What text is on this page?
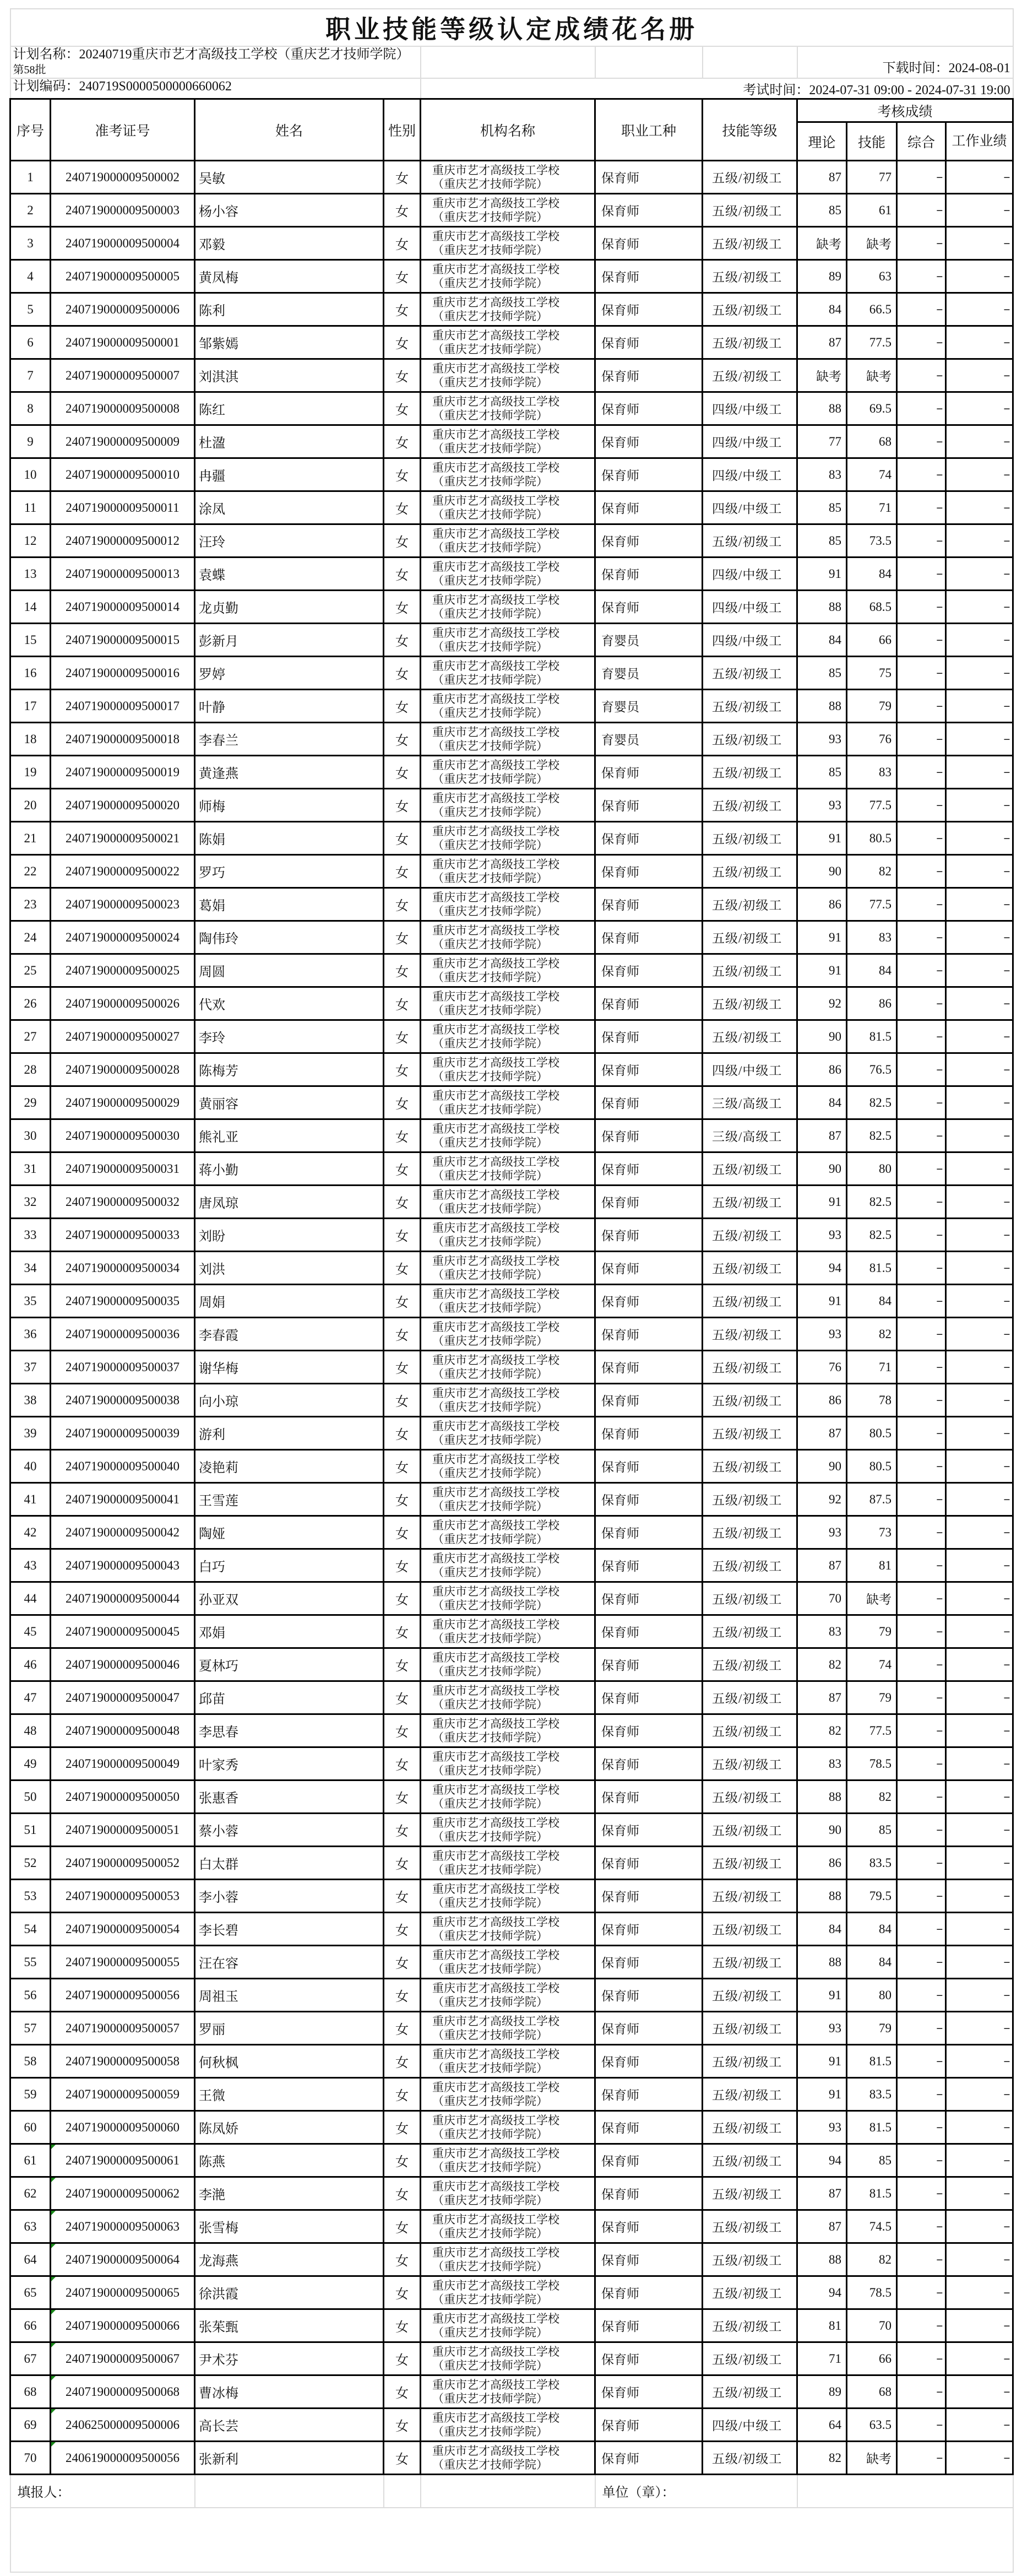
职业技能等级认定成绩花名册										
计划名称：20240719重庆市艺才高级技工学校（重庆艺才技师学院）
第58批							下载时间：2024-08-01			
计划编码：240719S0000500000660062				考试时间：2024-07-31 09:00 - 2024-07-31 19:00						
序号	准考证号	姓名	性别	机构名称	职业工种	技能等级	考核成绩			
							理论	技能	综合	工作业绩
1	240719000009500002	吴敏	女	重庆市艺才高级技工学校（重庆艺才技师学院）	保育师	五级/初级工	87	77	--	--
2	240719000009500003	杨小容	女	重庆市艺才高级技工学校（重庆艺才技师学院）	保育师	五级/初级工	85	61	--	--
3	240719000009500004	邓毅	女	重庆市艺才高级技工学校（重庆艺才技师学院）	保育师	五级/初级工	缺考	缺考	--	--
4	240719000009500005	黄凤梅	女	重庆市艺才高级技工学校（重庆艺才技师学院）	保育师	五级/初级工	89	63	--	--
5	240719000009500006	陈利	女	重庆市艺才高级技工学校（重庆艺才技师学院）	保育师	五级/初级工	84	66.5	--	--
6	240719000009500001	邹紫嫣	女	重庆市艺才高级技工学校（重庆艺才技师学院）	保育师	五级/初级工	87	77.5	--	--
7	240719000009500007	刘淇淇	女	重庆市艺才高级技工学校（重庆艺才技师学院）	保育师	五级/初级工	缺考	缺考	--	--
8	240719000009500008	陈红	女	重庆市艺才高级技工学校（重庆艺才技师学院）	保育师	四级/中级工	88	69.5	--	--
9	240719000009500009	杜溋	女	重庆市艺才高级技工学校（重庆艺才技师学院）	保育师	四级/中级工	77	68	--	--
10	240719000009500010	冉疆	女	重庆市艺才高级技工学校（重庆艺才技师学院）	保育师	四级/中级工	83	74	--	--
11	240719000009500011	涂凤	女	重庆市艺才高级技工学校（重庆艺才技师学院）	保育师	四级/中级工	85	71	--	--
12	240719000009500012	汪玲	女	重庆市艺才高级技工学校（重庆艺才技师学院）	保育师	五级/初级工	85	73.5	--	--
13	240719000009500013	袁蝶	女	重庆市艺才高级技工学校（重庆艺才技师学院）	保育师	四级/中级工	91	84	--	--
14	240719000009500014	龙贞勤	女	重庆市艺才高级技工学校（重庆艺才技师学院）	保育师	四级/中级工	88	68.5	--	--
15	240719000009500015	彭新月	女	重庆市艺才高级技工学校（重庆艺才技师学院）	育婴员	四级/中级工	84	66	--	--
16	240719000009500016	罗婷	女	重庆市艺才高级技工学校（重庆艺才技师学院）	育婴员	五级/初级工	85	75	--	--
17	240719000009500017	叶静	女	重庆市艺才高级技工学校（重庆艺才技师学院）	育婴员	五级/初级工	88	79	--	--
18	240719000009500018	李春兰	女	重庆市艺才高级技工学校（重庆艺才技师学院）	育婴员	五级/初级工	93	76	--	--
19	240719000009500019	黄逢燕	女	重庆市艺才高级技工学校（重庆艺才技师学院）	保育师	五级/初级工	85	83	--	--
20	240719000009500020	师梅	女	重庆市艺才高级技工学校（重庆艺才技师学院）	保育师	五级/初级工	93	77.5	--	--
21	240719000009500021	陈娟	女	重庆市艺才高级技工学校（重庆艺才技师学院）	保育师	五级/初级工	91	80.5	--	--
22	240719000009500022	罗巧	女	重庆市艺才高级技工学校（重庆艺才技师学院）	保育师	五级/初级工	90	82	--	--
23	240719000009500023	葛娟	女	重庆市艺才高级技工学校（重庆艺才技师学院）	保育师	五级/初级工	86	77.5	--	--
24	240719000009500024	陶伟玲	女	重庆市艺才高级技工学校（重庆艺才技师学院）	保育师	五级/初级工	91	83	--	--
25	240719000009500025	周圆	女	重庆市艺才高级技工学校（重庆艺才技师学院）	保育师	五级/初级工	91	84	--	--
26	240719000009500026	代欢	女	重庆市艺才高级技工学校（重庆艺才技师学院）	保育师	五级/初级工	92	86	--	--
27	240719000009500027	李玲	女	重庆市艺才高级技工学校（重庆艺才技师学院）	保育师	五级/初级工	90	81.5	--	--
28	240719000009500028	陈梅芳	女	重庆市艺才高级技工学校（重庆艺才技师学院）	保育师	四级/中级工	86	76.5	--	--
29	240719000009500029	黄丽容	女	重庆市艺才高级技工学校（重庆艺才技师学院）	保育师	三级/高级工	84	82.5	--	--
30	240719000009500030	熊礼亚	女	重庆市艺才高级技工学校（重庆艺才技师学院）	保育师	三级/高级工	87	82.5	--	--
31	240719000009500031	蒋小勤	女	重庆市艺才高级技工学校（重庆艺才技师学院）	保育师	五级/初级工	90	80	--	--
32	240719000009500032	唐凤琼	女	重庆市艺才高级技工学校（重庆艺才技师学院）	保育师	五级/初级工	91	82.5	--	--
33	240719000009500033	刘盼	女	重庆市艺才高级技工学校（重庆艺才技师学院）	保育师	五级/初级工	93	82.5	--	--
34	240719000009500034	刘洪	女	重庆市艺才高级技工学校（重庆艺才技师学院）	保育师	五级/初级工	94	81.5	--	--
35	240719000009500035	周娟	女	重庆市艺才高级技工学校（重庆艺才技师学院）	保育师	五级/初级工	91	84	--	--
36	240719000009500036	李春霞	女	重庆市艺才高级技工学校（重庆艺才技师学院）	保育师	五级/初级工	93	82	--	--
37	240719000009500037	谢华梅	女	重庆市艺才高级技工学校（重庆艺才技师学院）	保育师	五级/初级工	76	71	--	--
38	240719000009500038	向小琼	女	重庆市艺才高级技工学校（重庆艺才技师学院）	保育师	五级/初级工	86	78	--	--
39	240719000009500039	游利	女	重庆市艺才高级技工学校（重庆艺才技师学院）	保育师	五级/初级工	87	80.5	--	--
40	240719000009500040	凌艳莉	女	重庆市艺才高级技工学校（重庆艺才技师学院）	保育师	五级/初级工	90	80.5	--	--
41	240719000009500041	王雪莲	女	重庆市艺才高级技工学校（重庆艺才技师学院）	保育师	五级/初级工	92	87.5	--	--
42	240719000009500042	陶娅	女	重庆市艺才高级技工学校（重庆艺才技师学院）	保育师	五级/初级工	93	73	--	--
43	240719000009500043	白巧	女	重庆市艺才高级技工学校（重庆艺才技师学院）	保育师	五级/初级工	87	81	--	--
44	240719000009500044	孙亚双	女	重庆市艺才高级技工学校（重庆艺才技师学院）	保育师	五级/初级工	70	缺考	--	--
45	240719000009500045	邓娟	女	重庆市艺才高级技工学校（重庆艺才技师学院）	保育师	五级/初级工	83	79	--	--
46	240719000009500046	夏林巧	女	重庆市艺才高级技工学校（重庆艺才技师学院）	保育师	五级/初级工	82	74	--	--
47	240719000009500047	邱苗	女	重庆市艺才高级技工学校（重庆艺才技师学院）	保育师	五级/初级工	87	79	--	--
48	240719000009500048	李思春	女	重庆市艺才高级技工学校（重庆艺才技师学院）	保育师	五级/初级工	82	77.5	--	--
49	240719000009500049	叶家秀	女	重庆市艺才高级技工学校（重庆艺才技师学院）	保育师	五级/初级工	83	78.5	--	--
50	240719000009500050	张惠香	女	重庆市艺才高级技工学校（重庆艺才技师学院）	保育师	五级/初级工	88	82	--	--
51	240719000009500051	蔡小蓉	女	重庆市艺才高级技工学校（重庆艺才技师学院）	保育师	五级/初级工	90	85	--	--
52	240719000009500052	白太群	女	重庆市艺才高级技工学校（重庆艺才技师学院）	保育师	五级/初级工	86	83.5	--	--
53	240719000009500053	李小蓉	女	重庆市艺才高级技工学校（重庆艺才技师学院）	保育师	五级/初级工	88	79.5	--	--
54	240719000009500054	李长碧	女	重庆市艺才高级技工学校（重庆艺才技师学院）	保育师	五级/初级工	84	84	--	--
55	240719000009500055	汪在容	女	重庆市艺才高级技工学校（重庆艺才技师学院）	保育师	五级/初级工	88	84	--	--
56	240719000009500056	周祖玉	女	重庆市艺才高级技工学校（重庆艺才技师学院）	保育师	五级/初级工	91	80	--	--
57	240719000009500057	罗丽	女	重庆市艺才高级技工学校（重庆艺才技师学院）	保育师	五级/初级工	93	79	--	--
58	240719000009500058	何秋枫	女	重庆市艺才高级技工学校（重庆艺才技师学院）	保育师	五级/初级工	91	81.5	--	--
59	240719000009500059	王微	女	重庆市艺才高级技工学校（重庆艺才技师学院）	保育师	五级/初级工	91	83.5	--	--
60	240719000009500060	陈凤娇	女	重庆市艺才高级技工学校（重庆艺才技师学院）	保育师	五级/初级工	93	81.5	--	--
61	240719000009500061	陈燕	女	重庆市艺才高级技工学校（重庆艺才技师学院）	保育师	五级/初级工	94	85	--	--
62	240719000009500062	李滟	女	重庆市艺才高级技工学校（重庆艺才技师学院）	保育师	五级/初级工	87	81.5	--	--
63	240719000009500063	张雪梅	女	重庆市艺才高级技工学校（重庆艺才技师学院）	保育师	五级/初级工	87	74.5	--	--
64	240719000009500064	龙海燕	女	重庆市艺才高级技工学校（重庆艺才技师学院）	保育师	五级/初级工	88	82	--	--
65	240719000009500065	徐洪霞	女	重庆市艺才高级技工学校（重庆艺才技师学院）	保育师	五级/初级工	94	78.5	--	--
66	240719000009500066	张茱甄	女	重庆市艺才高级技工学校（重庆艺才技师学院）	保育师	五级/初级工	81	70	--	--
67	240719000009500067	尹术芬	女	重庆市艺才高级技工学校（重庆艺才技师学院）	保育师	五级/初级工	71	66	--	--
68	240719000009500068	曹冰梅	女	重庆市艺才高级技工学校（重庆艺才技师学院）	保育师	五级/初级工	89	68	--	--
69	240625000009500006	高长芸	女	重庆市艺才高级技工学校（重庆艺才技师学院）	保育师	四级/中级工	64	63.5	--	--
70	240619000009500056	张新利	女	重庆市艺才高级技工学校（重庆艺才技师学院）	保育师	五级/初级工	82	缺考	--	--
填报人：					单位（章）：					
